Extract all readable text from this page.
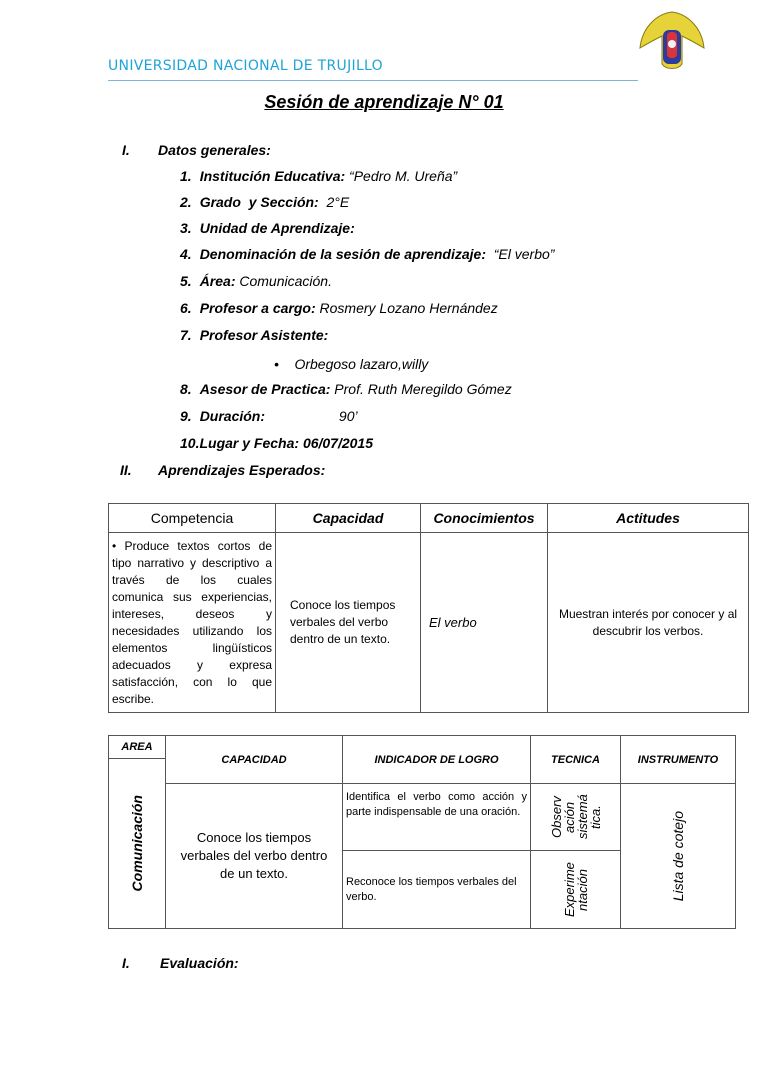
UNIVERSIDAD NACIONAL DE TRUJILLO
Sesión de aprendizaje N° 01
I. Datos generales:
1. Institución Educativa: “Pedro M. Ureña”
2. Grado  y Sección:  2°E
3. Unidad de Aprendizaje:
4. Denominación de la sesión de aprendizaje:  “El verbo”
5. Área: Comunicación.
6. Profesor a cargo: Rosmery Lozano Hernández
7. Profesor Asistente:
8. Asesor de Practica: Prof. Ruth Meregildo Gómez
9. Duración:                   90’
10.Lugar y Fecha: 06/07/2015
•    Orbegoso lazaro,willy
II. Aprendizajes Esperados:
Competencia	Capacidad	Conocimientos	Actitudes
• Produce textos cortos de tipo narrativo y descriptivo a través de los cuales comunica sus experiencias, intereses, deseos y necesidades utilizando los elementos lingüísticos adecuados y expresa satisfacción, con lo que escribe.	Conoce los tiempos verbales del verbo dentro de un texto.	El verbo	Muestran interés por conocer y al descubrir los verbos.
AREA	CAPACIDAD	INDICADOR DE LOGRO	TECNICA	INSTRUMENTO

Comunicación				

	Conoce los tiempos verbales del verbo dentro de un texto.	Identifica el verbo como acción y parte indispensable de una oración.	Observ ación sistemá tica.	Lista de cotejo

		Reconoce los tiempos verbales del verbo.	Experime ntación	
I. Evaluación:
